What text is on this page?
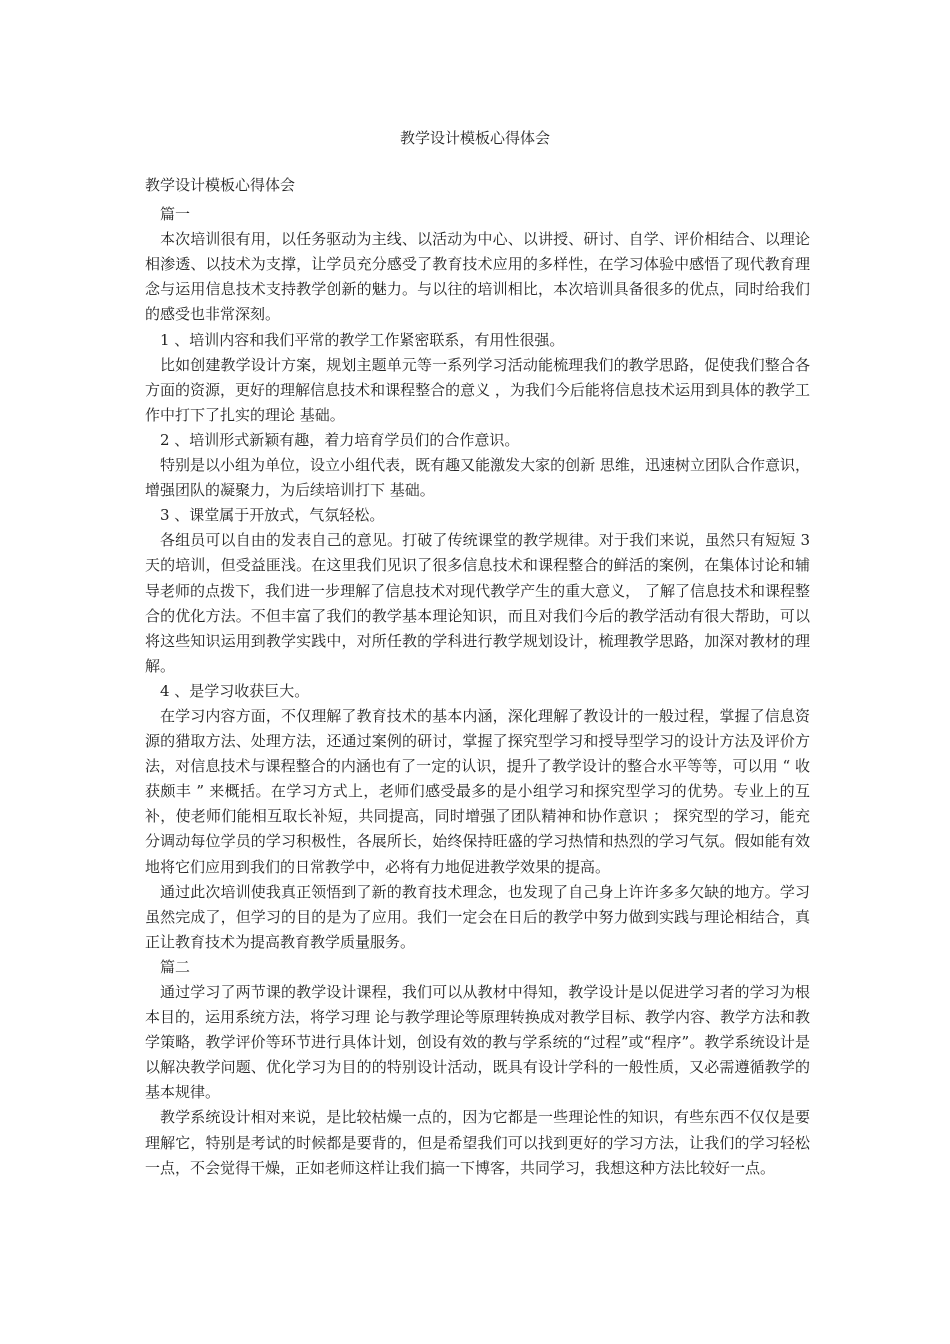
教学设计模板心得体会

教学设计模板心得体会

篇一

本次培训很有用，以任务驱动为主线、以活动为中心、以讲授、研讨、自学、评价相结合、以理论相渗透、以技术为支撑，让学员充分感受了教育技术应用的多样性，在学习体验中感悟了现代教育理念与运用信息技术支持教学创新的魅力。与以往的培训相比，本次培训具备很多的优点，同时给我们的感受也非常深刻。

1 、培训内容和我们平常的教学工作紧密联系，有用性很强。

比如创建教学设计方案，规划主题单元等一系列学习活动能梳理我们的教学思路，促使我们整合各方面的资源，更好的理解信息技术和课程整合的意义 ，为我们今后能将信息技术运用到具体的教学工作中打下了扎实的理论 基础。

2 、培训形式新颖有趣，着力培育学员们的合作意识。

特别是以小组为单位，设立小组代表，既有趣又能激发大家的创新 思维，迅速树立团队合作意识，增强团队的凝聚力，为后续培训打下 基础。

3 、课堂属于开放式，气氛轻松。

各组员可以自由的发表自己的意见。打破了传统课堂的教学规律。对于我们来说，虽然只有短短 3 天的培训，但受益匪浅。在这里我们见识了很多信息技术和课程整合的鲜活的案例，在集体讨论和辅导老师的点拨下，我们进一步理解了信息技术对现代教学产生的重大意义， 了解了信息技术和课程整合的优化方法。不但丰富了我们的教学基本理论知识，而且对我们今后的教学活动有很大帮助，可以将这些知识运用到教学实践中，对所任教的学科进行教学规划设计，梳理教学思路，加深对教材的理解。

4 、是学习收获巨大。

在学习内容方面，不仅理解了教育技术的基本内涵，深化理解了教设计的一般过程，掌握了信息资源的猎取方法、处理方法，还通过案例的研讨，掌握了探究型学习和授导型学习的设计方法及评价方法，对信息技术与课程整合的内涵也有了一定的认识，提升了教学设计的整合水平等等，可以用 “ 收获颇丰 ” 来概括。在学习方式上，老师们感受最多的是小组学习和探究型学习的优势。专业上的互补，使老师们能相互取长补短，共同提高，同时增强了团队精神和协作意识 ； 探究型的学习，能充分调动每位学员的学习积极性，各展所长，始终保持旺盛的学习热情和热烈的学习气氛。假如能有效地将它们应用到我们的日常教学中，必将有力地促进教学效果的提高。

通过此次培训使我真正领悟到了新的教育技术理念，也发现了自己身上许许多多欠缺的地方。学习虽然完成了，但学习的目的是为了应用。我们一定会在日后的教学中努力做到实践与理论相结合，真正让教育技术为提高教育教学质量服务。

篇二

通过学习了两节课的教学设计课程，我们可以从教材中得知，教学设计是以促进学习者的学习为根本目的，运用系统方法，将学习理 论与教学理论等原理转换成对教学目标、教学内容、教学方法和教学策略，教学评价等环节进行具体计划，创设有效的教与学系统的“过程”或“程序”。教学系统设计是以解决教学问题、优化学习为目的的特别设计活动，既具有设计学科的一般性质，又必需遵循教学的基本规律。

教学系统设计相对来说，是比较枯燥一点的，因为它都是一些理论性的知识，有些东西不仅仅是要理解它，特别是考试的时候都是要背的，但是希望我们可以找到更好的学习方法，让我们的学习轻松一点，不会觉得干燥，正如老师这样让我们搞一下博客，共同学习，我想这种方法比较好一点。
